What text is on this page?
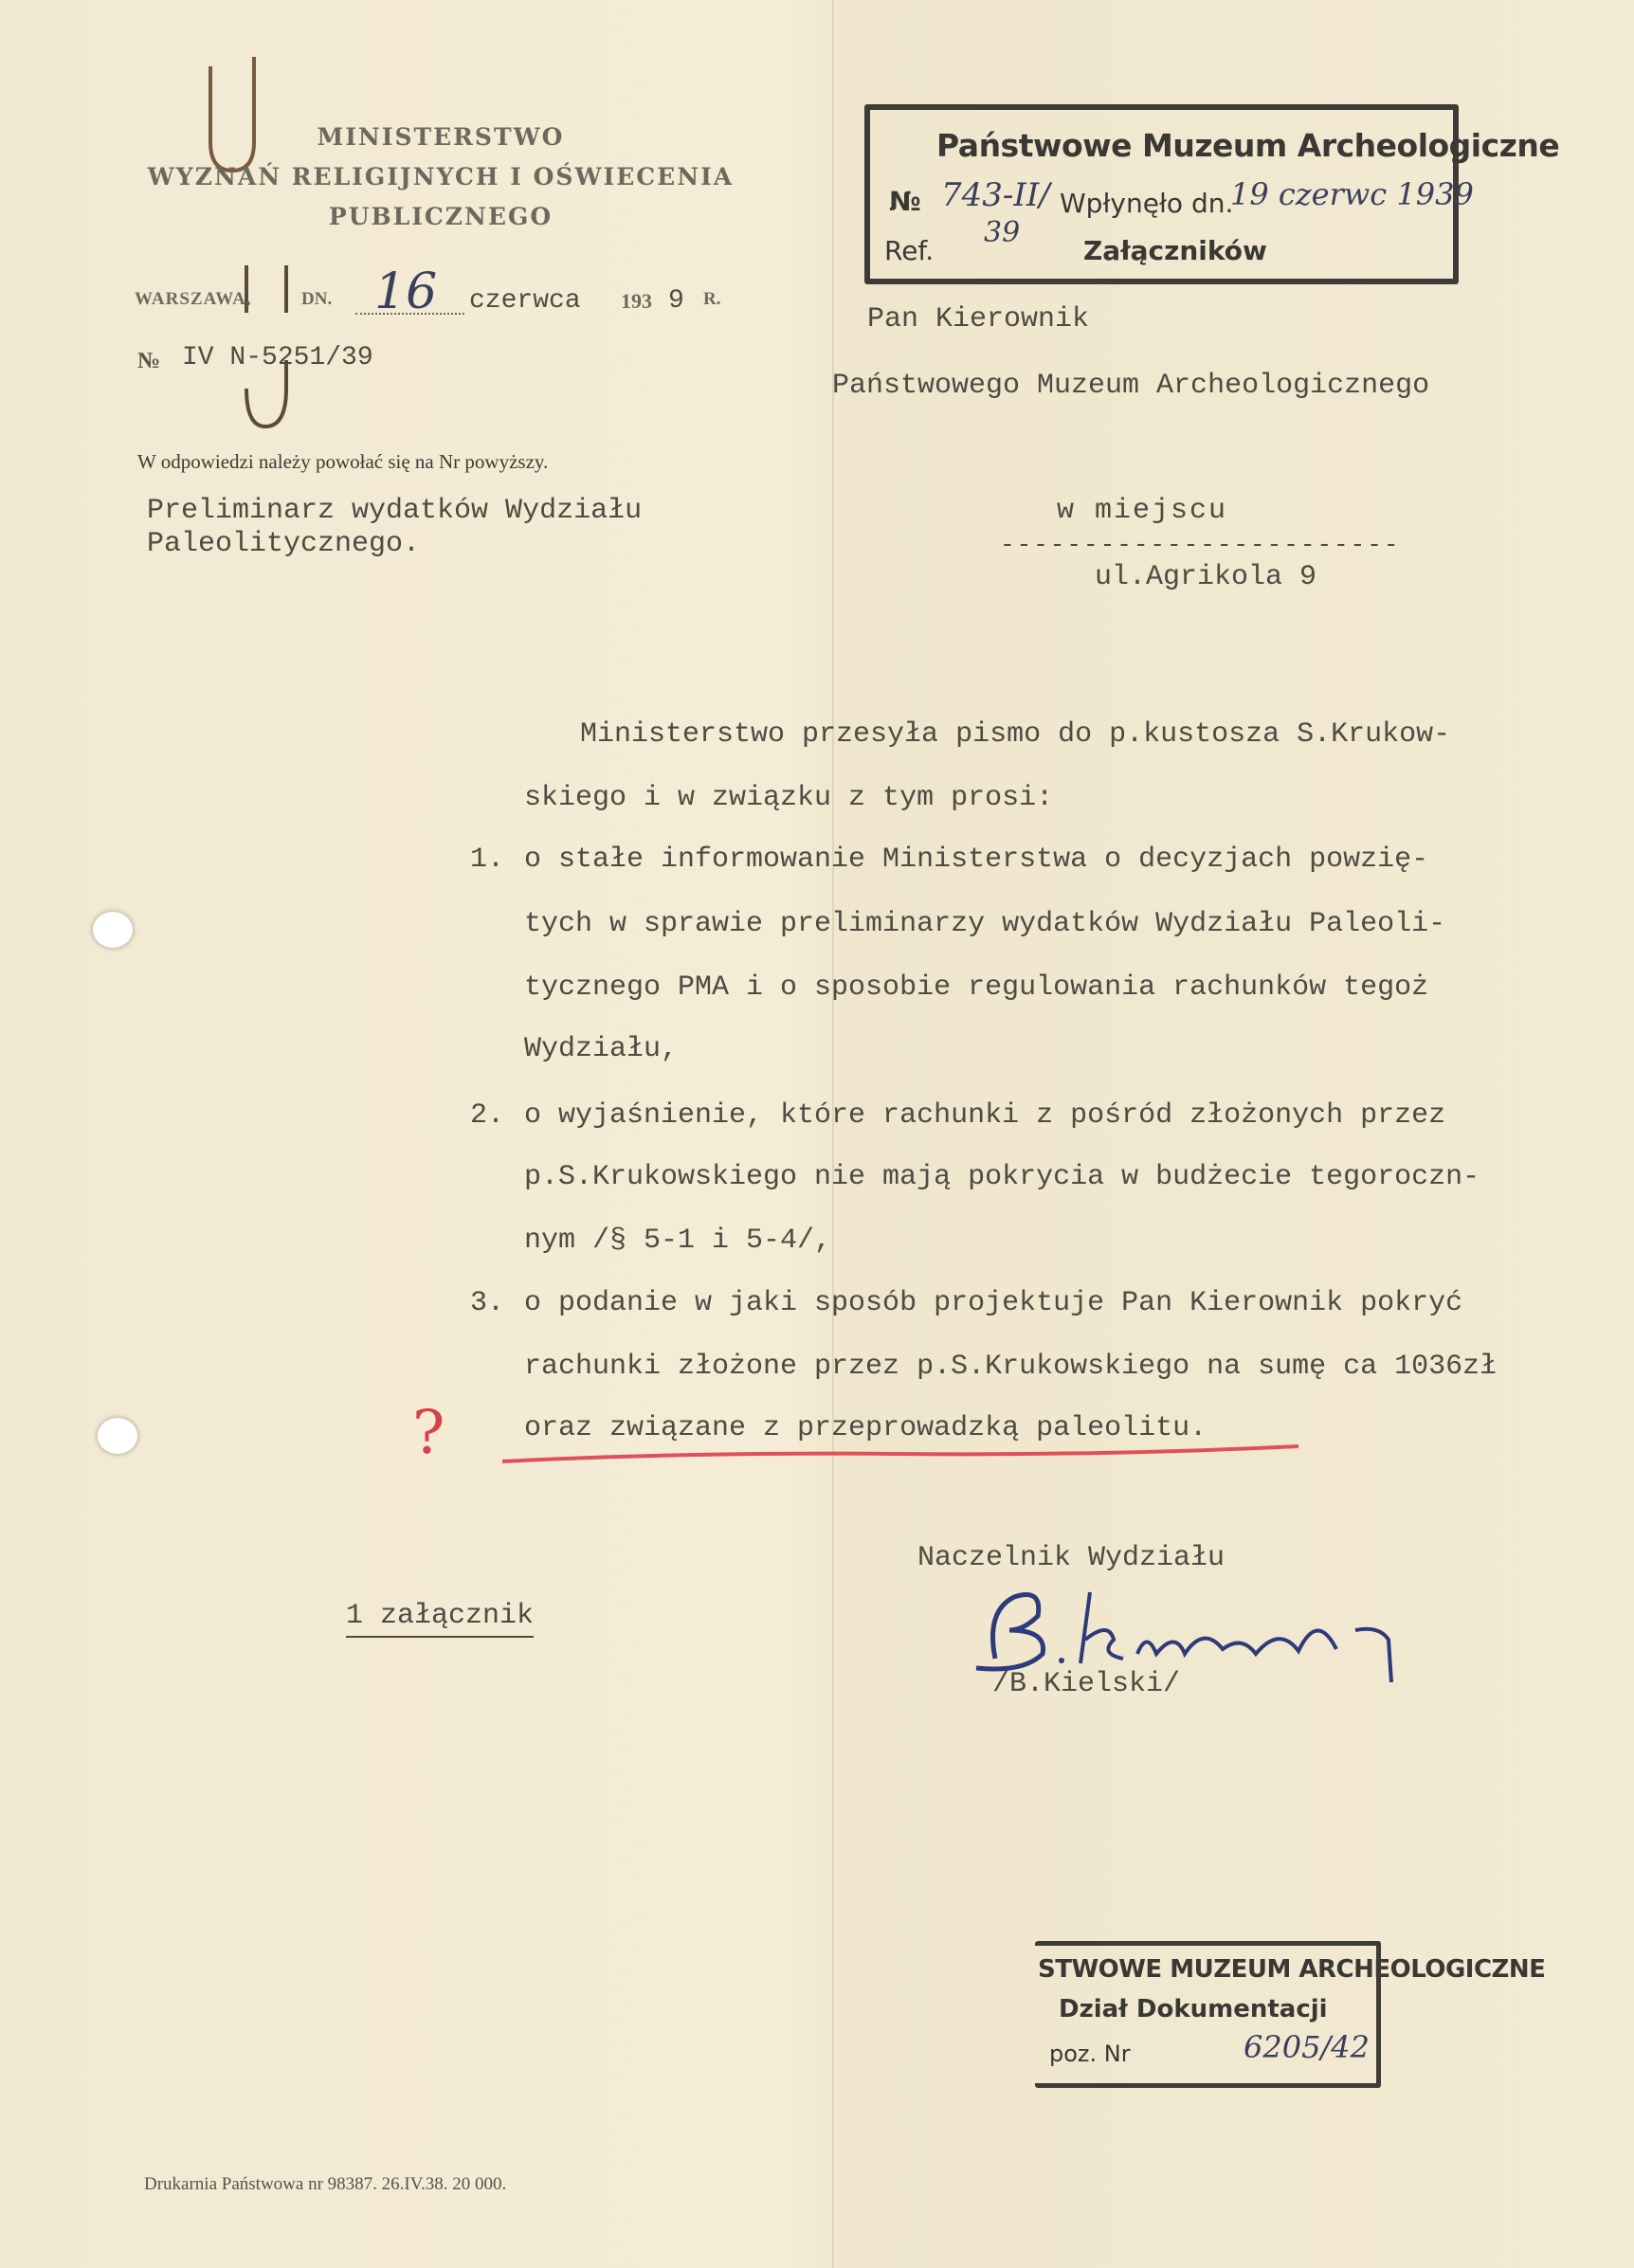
MINISTERSTWO
WYZNAŃ RELIGIJNYCH I OŚWIECENIA
PUBLICZNEGO
WARSZAWA,	DN. 16 czerwca 193 9 R.
№ IV N-5251/39
W odpowiedzi należy powołać się na Nr powyższy.
Preliminarz wydatków Wydziału
Paleolitycznego.
Państwowe Muzeum Archeologiczne
№ 743-II/ Wpłynęło dn.
19 czerwc 1939
Ref.
39
Załączników
Pan Kierownik
Państwowego Muzeum Archeologicznego
w miejscu
------------------------
ul.Agrikola 9
Ministerstwo przesyła pismo do p.kustosza S.Krukow-
skiego i w związku z tym prosi:
1. o stałe informowanie Ministerstwa o decyzjach powzię-
tych w sprawie preliminarzy wydatków Wydziału Paleoli-
tycznego PMA i o sposobie regulowania rachunków tegoż
Wydziału,
2. o wyjaśnienie, które rachunki z pośród złożonych przez
p.S.Krukowskiego nie mają pokrycia w budżecie tegoroczn-
nym /§ 5-1 i 5-4/,
3. o podanie w jaki sposób projektuje Pan Kierownik pokryć
rachunki złożone przez p.S.Krukowskiego na sumę ca 1036zł
oraz związane z przeprowadzką paleolitu.
?
Naczelnik Wydziału
/B.Kielski/
1 załącznik
STWOWE MUZEUM ARCHEOLOGICZNE
Dział Dokumentacji
poz. Nr	6205/42
Drukarnia Państwowa nr 98387. 26.IV.38. 20 000.
